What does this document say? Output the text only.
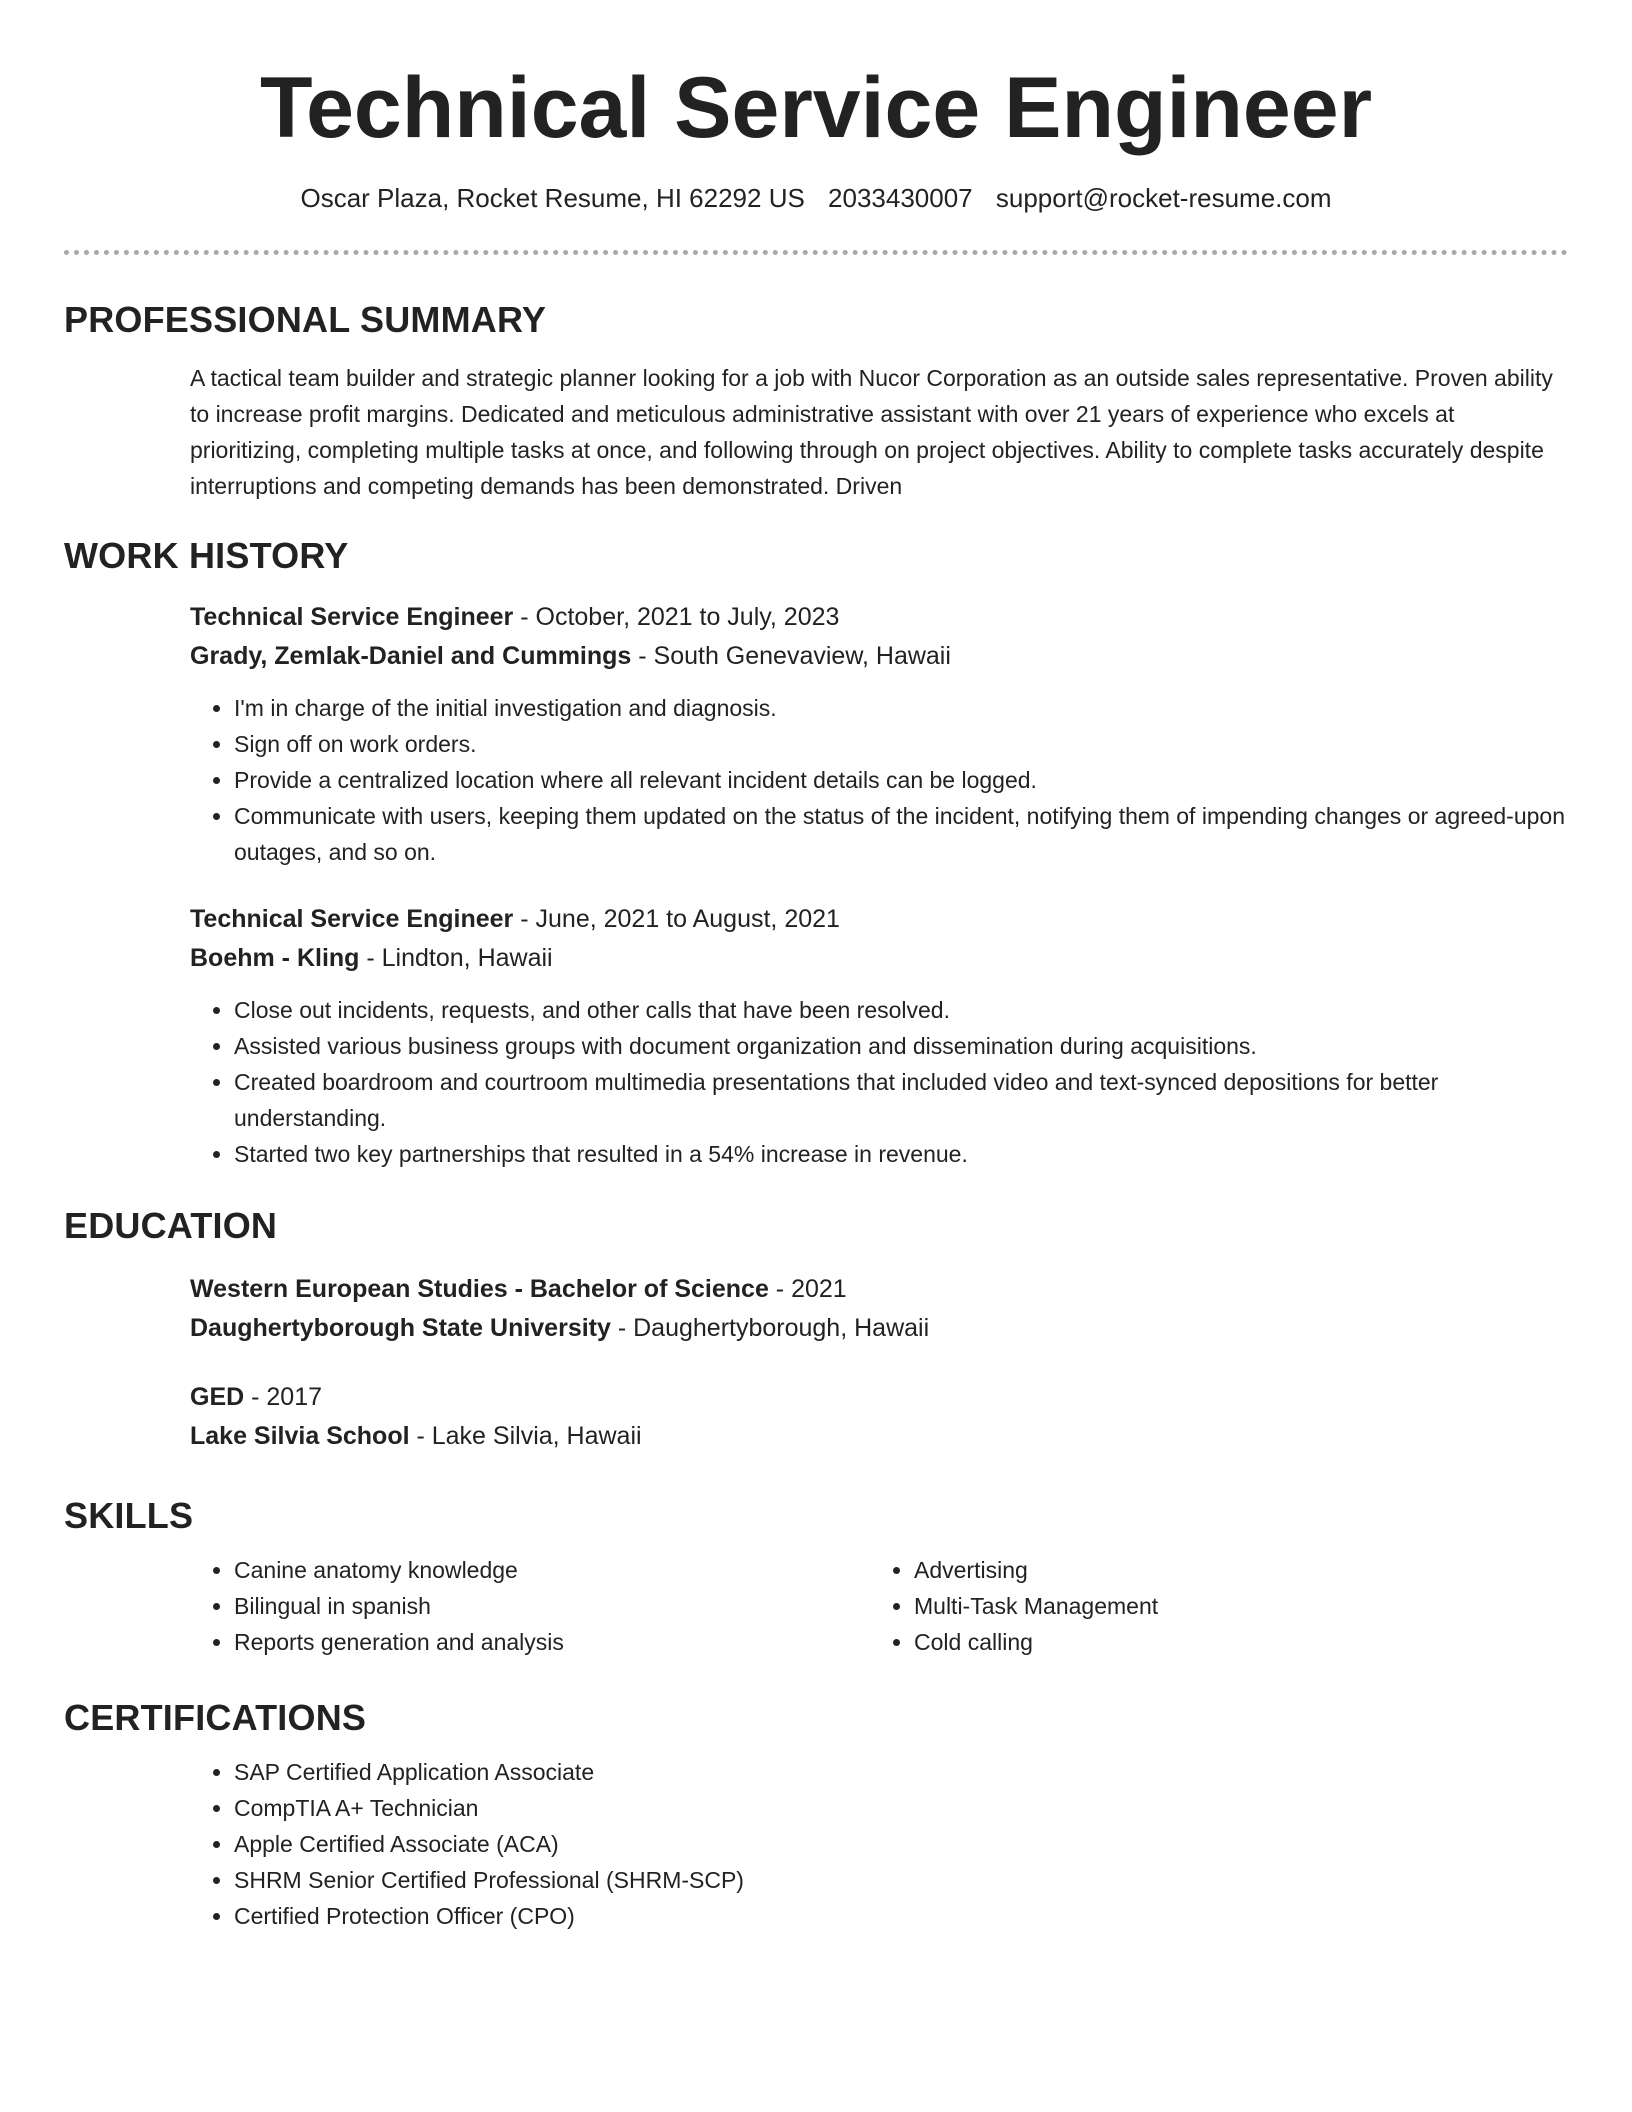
Technical Service Engineer
Oscar Plaza, Rocket Resume, HI 62292 US 2033430007 support@rocket-resume.com
PROFESSIONAL SUMMARY

A tactical team builder and strategic planner looking for a job with Nucor Corporation as an outside sales representative. Proven ability to increase profit margins. Dedicated and meticulous administrative assistant with over 21 years of experience who excels at prioritizing, completing multiple tasks at once, and following through on project objectives. Ability to complete tasks accurately despite interruptions and competing demands has been demonstrated. Driven

WORK HISTORY

Technical Service Engineer - October, 2021 to July, 2023

Grady, Zemlak-Daniel and Cummings - South Genevaview, Hawaii

• I'm in charge of the initial investigation and diagnosis.
• Sign off on work orders.
• Provide a centralized location where all relevant incident details can be logged.
• Communicate with users, keeping them updated on the status of the incident, notifying them of impending changes or agreed-upon outages, and so on.

Technical Service Engineer - June, 2021 to August, 2021

Boehm - Kling - Lindton, Hawaii

• Close out incidents, requests, and other calls that have been resolved.
• Assisted various business groups with document organization and dissemination during acquisitions.
• Created boardroom and courtroom multimedia presentations that included video and text-synced depositions for better understanding.
• Started two key partnerships that resulted in a 54% increase in revenue.
EDUCATION

Western European Studies - Bachelor of Science - 2021

Daughertyborough State University - Daughertyborough, Hawaii

GED - 2017

Lake Silvia School - Lake Silvia, Hawaii

SKILLS
• Canine anatomy knowledge
• Bilingual in spanish
• Reports generation and analysis
• Advertising
• Multi-Task Management
• Cold calling
CERTIFICATIONS
• SAP Certified Application Associate
• CompTIA A+ Technician
• Apple Certified Associate (ACA)
• SHRM Senior Certified Professional (SHRM-SCP)
• Certified Protection Officer (CPO)
